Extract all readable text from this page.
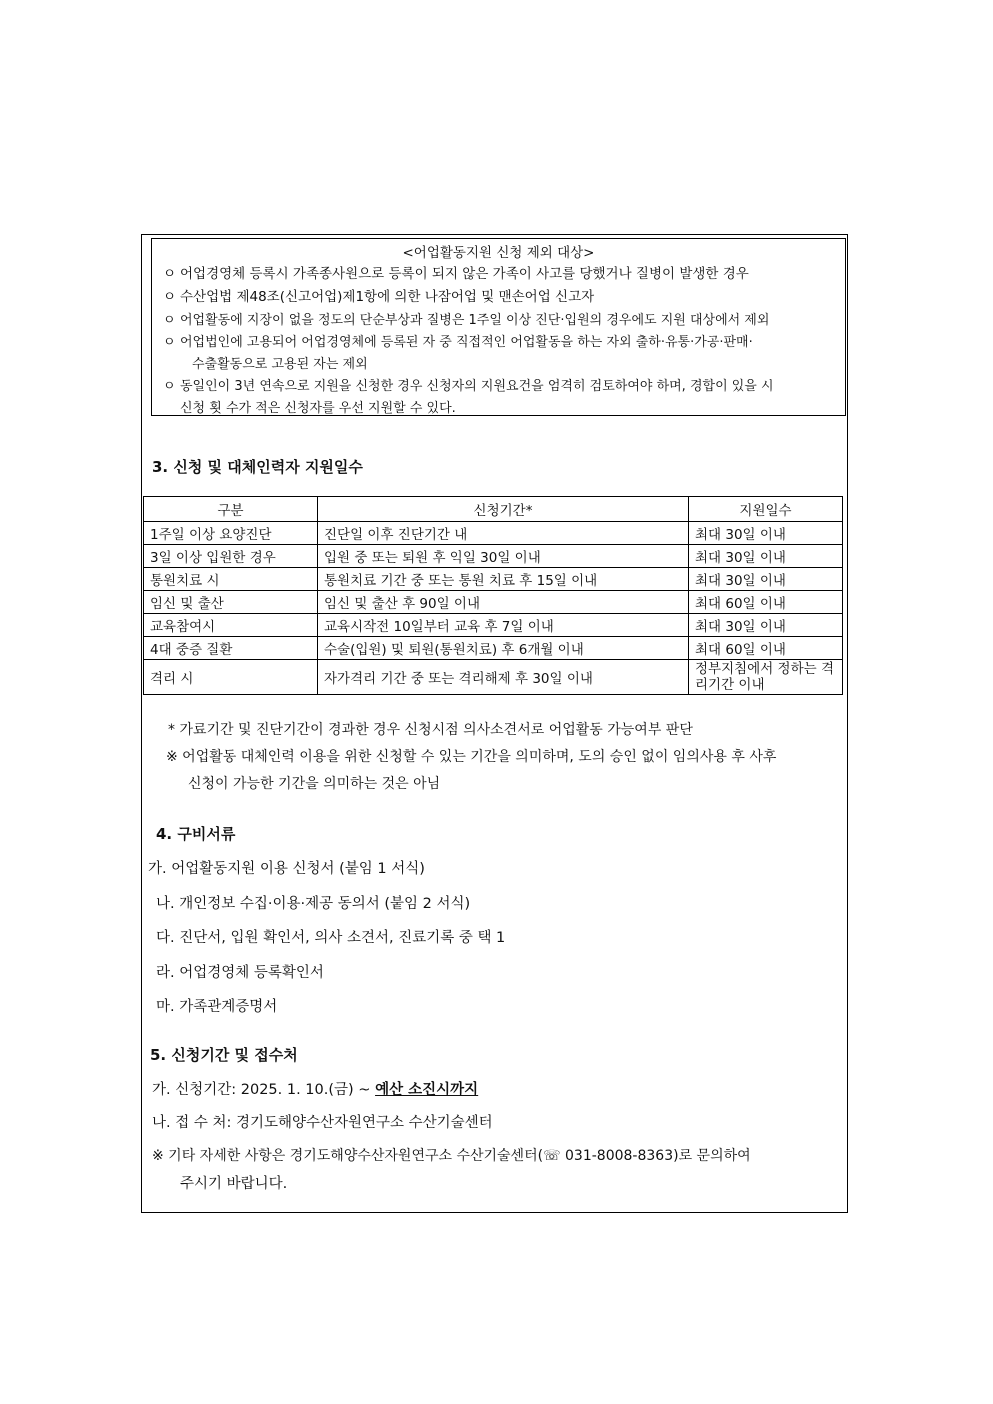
<어업활동지원 신청 제외 대상>
ㅇ 어업경영체 등록시 가족종사원으로 등록이 되지 않은 가족이 사고를 당했거나 질병이 발생한 경우
ㅇ 수산업법 제48조(신고어업)제1항에 의한 나잠어업 및 맨손어업 신고자
ㅇ 어업활동에 지장이 없을 정도의 단순부상과 질병은 1주일 이상 진단·입원의 경우에도 지원 대상에서 제외
ㅇ 어업법인에 고용되어 어업경영체에 등록된 자 중 직접적인 어업활동을 하는 자외 출하·유통·가공·판매·
수출활동으로 고용된 자는 제외
ㅇ 동일인이 3년 연속으로 지원을 신청한 경우 신청자의 지원요건을 엄격히 검토하여야 하며, 경합이 있을 시
신청 횟 수가 적은 신청자를 우선 지원할 수 있다.
3. 신청 및 대체인력자 지원일수
구분	신청기간*	지원일수
1주일 이상 요양진단	진단일 이후 진단기간 내	최대 30일 이내
3일 이상 입원한 경우	입원 중 또는 퇴원 후 익일 30일 이내	최대 30일 이내
통원치료 시	통원치료 기간 중 또는 통원 치료 후 15일 이내	최대 30일 이내
임신 및 출산	임신 및 출산 후 90일 이내	최대 60일 이내
교육참여시	교육시작전 10일부터 교육 후 7일 이내	최대 30일 이내
4대 중증 질환	수술(입원) 및 퇴원(통원치료) 후 6개월 이내	최대 60일 이내
격리 시	자가격리 기간 중 또는 격리해제 후 30일 이내	정부지침에서 정하는 격리기간 이내
* 가료기간 및 진단기간이 경과한 경우 신청시점 의사소견서로 어업활동 가능여부 판단
※ 어업활동 대체인력 이용을 위한 신청할 수 있는 기간을 의미하며, 도의 승인 없이 임의사용 후 사후
신청이 가능한 기간을 의미하는 것은 아님
4. 구비서류
가. 어업활동지원 이용 신청서 (붙임 1 서식)
나. 개인정보 수집·이용·제공 동의서 (붙임 2 서식)
다. 진단서, 입원 확인서, 의사 소견서, 진료기록 중 택 1
라. 어업경영체 등록확인서
마. 가족관계증명서
5. 신청기간 및 접수처
가. 신청기간: 2025. 1. 10.(금) ~ 예산 소진시까지
나. 접 수 처: 경기도해양수산자원연구소 수산기술센터
※ 기타 자세한 사항은 경기도해양수산자원연구소 수산기술센터(☏ 031-8008-8363)로 문의하여
주시기 바랍니다.
